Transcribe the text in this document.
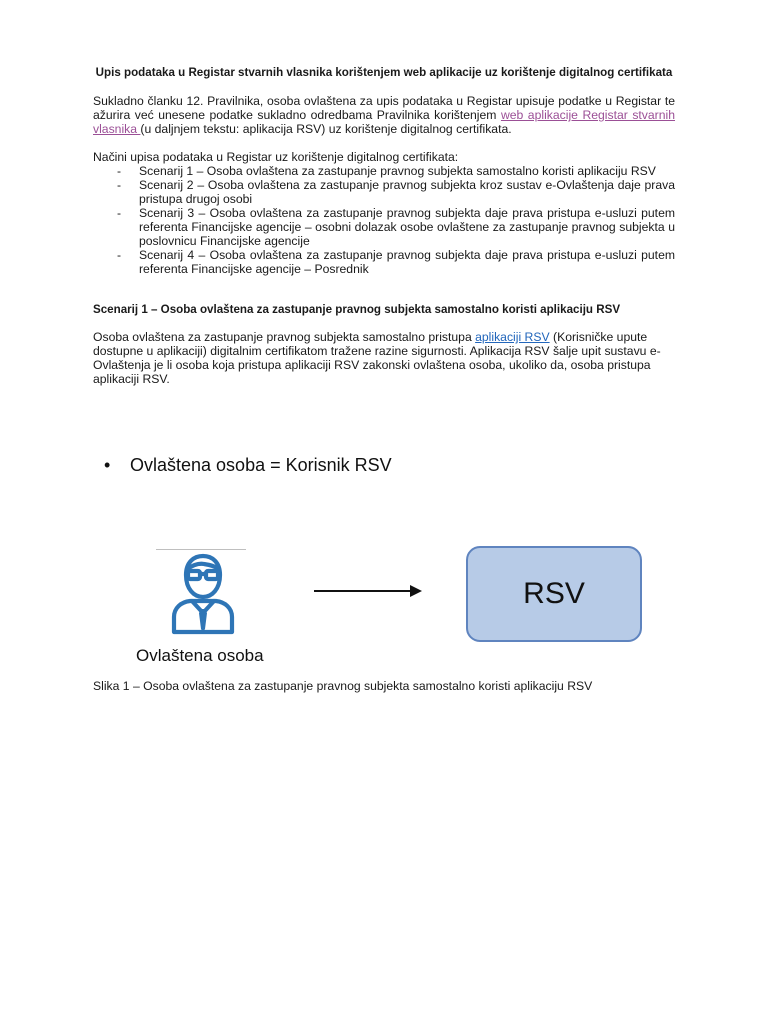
Upis podataka u Registar stvarnih vlasnika korištenjem web aplikacije uz korištenje digitalnog certifikata

Sukladno članku 12. Pravilnika, osoba ovlaštena za upis podataka u Registar upisuje podatke u Registar te ažurira već unesene podatke sukladno odredbama Pravilnika korištenjem web aplikacije Registar stvarnih vlasnika (u daljnjem tekstu: aplikacija RSV) uz korištenje digitalnog certifikata.

Načini upisa podataka u Registar uz korištenje digitalnog certifikata:

- Scenarij 1 – Osoba ovlaštena za zastupanje pravnog subjekta samostalno koristi aplikaciju RSV
- Scenarij 2 – Osoba ovlaštena za zastupanje pravnog subjekta kroz sustav e-Ovlaštenja daje prava pristupa drugoj osobi
- Scenarij 3 – Osoba ovlaštena za zastupanje pravnog subjekta daje prava pristupa e-usluzi putem referenta Financijske agencije – osobni dolazak osobe ovlaštene za zastupanje pravnog subjekta u poslovnicu Financijske agencije
- Scenarij 4 – Osoba ovlaštena za zastupanje pravnog subjekta daje prava pristupa e-usluzi putem referenta Financijske agencije – Posrednik

Scenarij 1 – Osoba ovlaštena za zastupanje pravnog subjekta samostalno koristi aplikaciju RSV

Osoba ovlaštena za zastupanje pravnog subjekta samostalno pristupa aplikaciji RSV (Korisničke upute dostupne u aplikaciji) digitalnim certifikatom tražene razine sigurnosti. Aplikacija RSV šalje upit sustavu e-Ovlaštenja je li osoba koja pristupa aplikaciji RSV zakonski ovlaštena osoba, ukoliko da, osoba pristupa aplikaciji RSV.

• Ovlaštena osoba = Korisnik RSV
Ovlaštena osoba
RSV
Slika 1 – Osoba ovlaštena za zastupanje pravnog subjekta samostalno koristi aplikaciju RSV
